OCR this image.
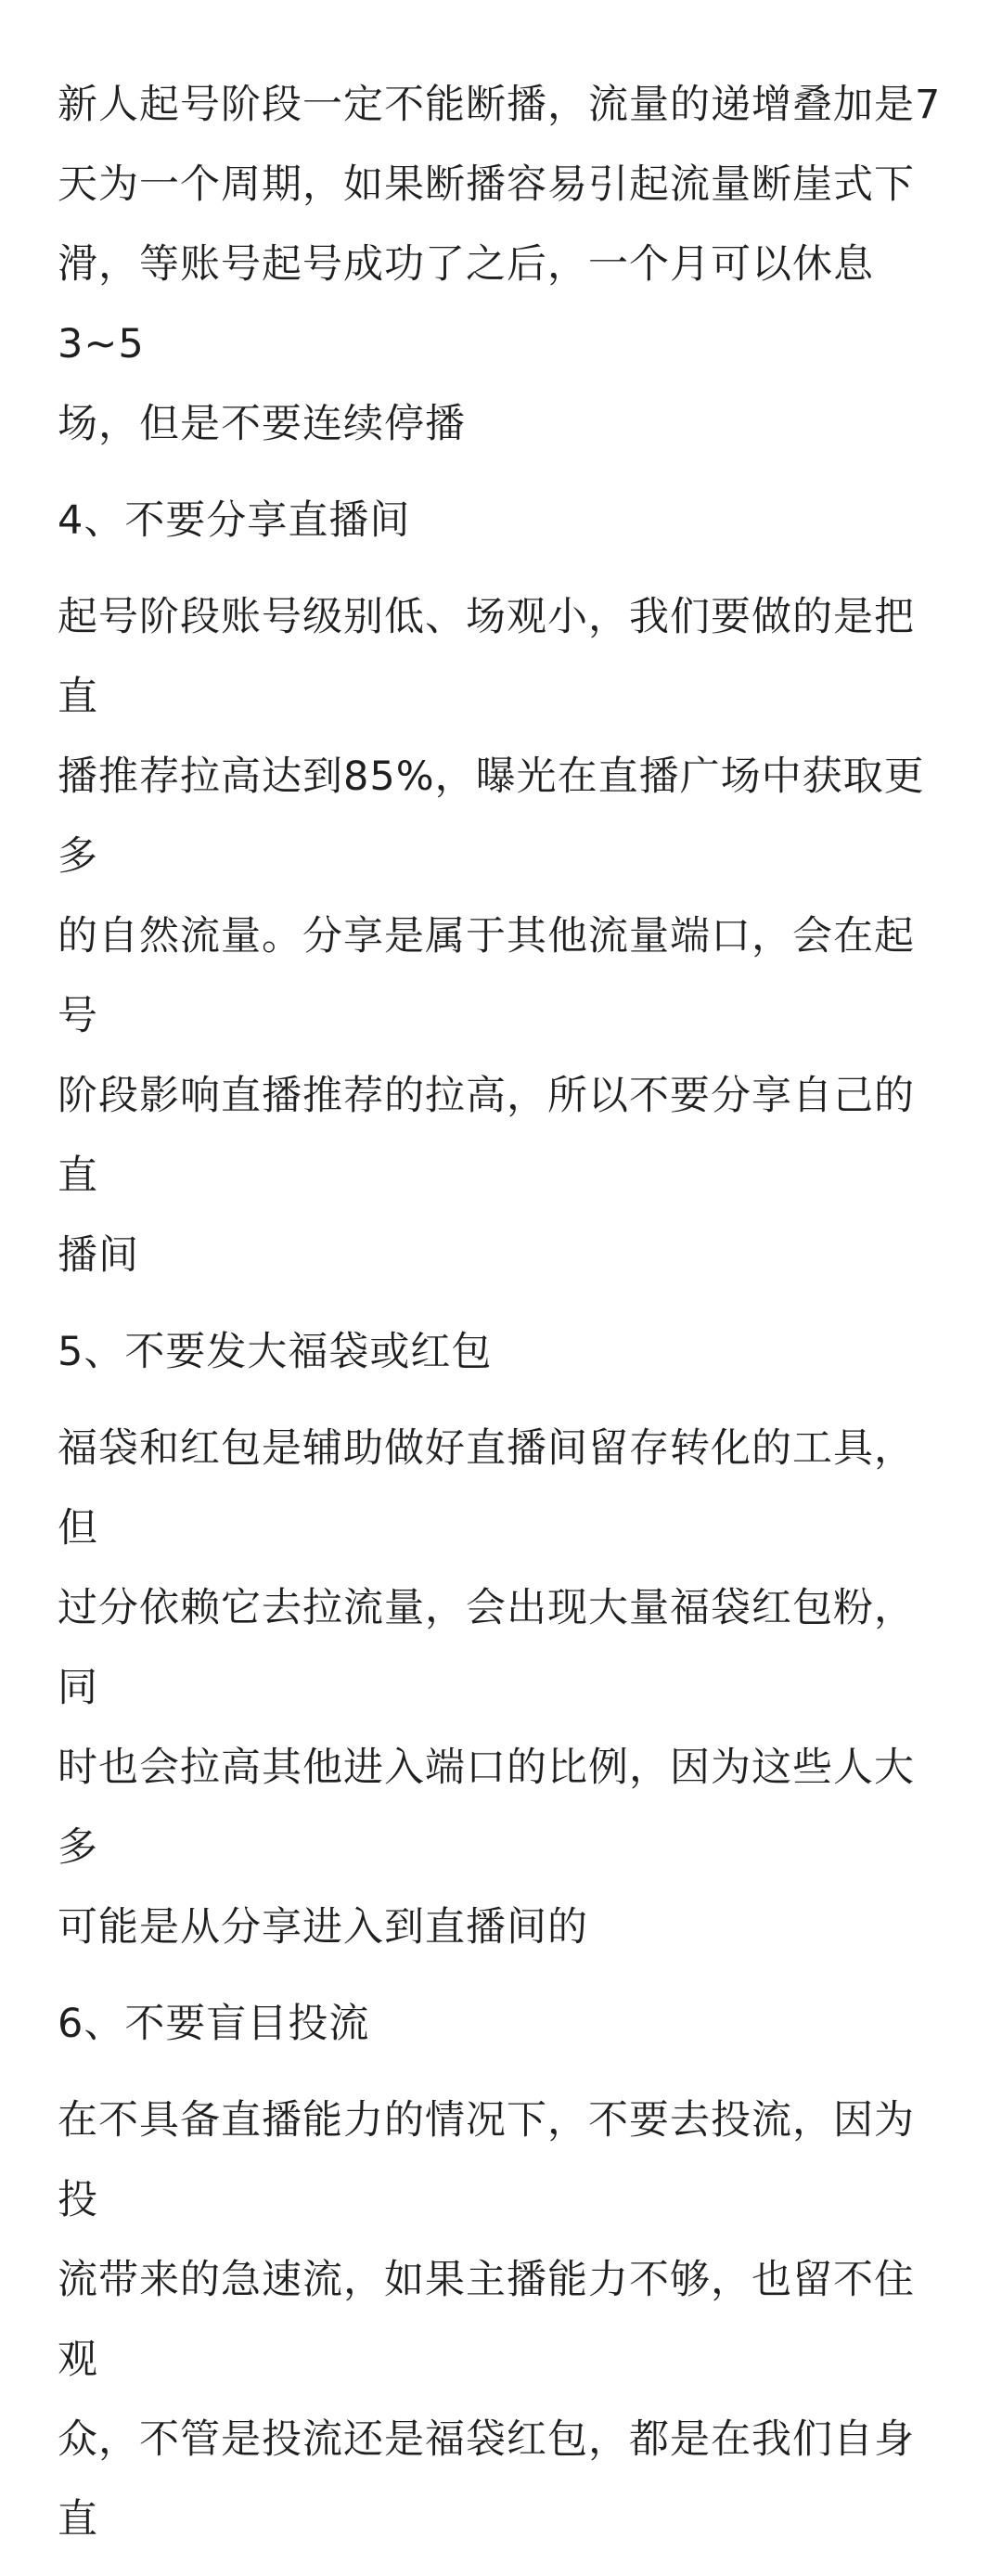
新人起号阶段一定不能断播，流量的递增叠加是7
天为一个周期，如果断播容易引起流量断崖式下
滑，等账号起号成功了之后，一个月可以休息3~5
场，但是不要连续停播

4、不要分享直播间

起号阶段账号级别低、场观小，我们要做的是把直
播推荐拉高达到85%，曝光在直播广场中获取更多
的自然流量。分享是属于其他流量端口，会在起号
阶段影响直播推荐的拉高，所以不要分享自己的直
播间

5、不要发大福袋或红包

福袋和红包是辅助做好直播间留存转化的工具，但
过分依赖它去拉流量，会出现大量福袋红包粉，同
时也会拉高其他进入端口的比例，因为这些人大多
可能是从分享进入到直播间的

6、不要盲目投流

在不具备直播能力的情况下，不要去投流，因为投
流带来的急速流，如果主播能力不够，也留不住观
众，不管是投流还是福袋红包，都是在我们自身直
